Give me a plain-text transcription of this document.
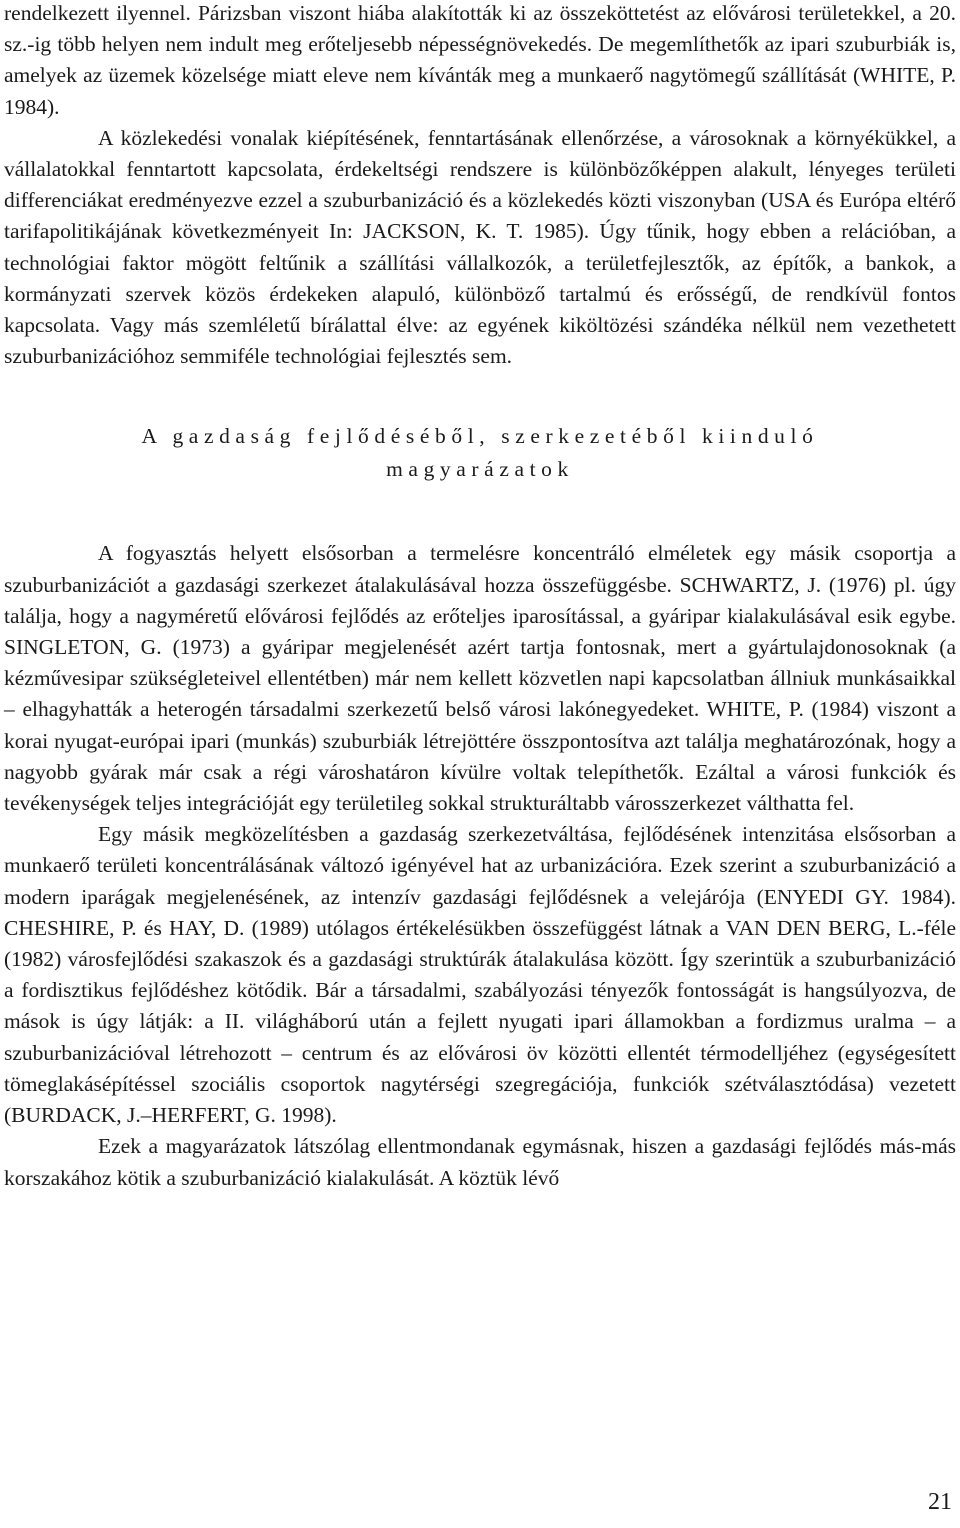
rendelkezett ilyennel. Párizsban viszont hiába alakították ki az összeköttetést az elővárosi területekkel, a 20. sz.-ig több helyen nem indult meg erőteljesebb népességnövekedés. De megemlíthetők az ipari szuburbiák is, amelyek az üzemek közelsége miatt eleve nem kívánták meg a munkaerő nagytömegű szállítását (WHITE, P. 1984).

A közlekedési vonalak kiépítésének, fenntartásának ellenőrzése, a városoknak a környékükkel, a vállalatokkal fenntartott kapcsolata, érdekeltségi rendszere is különbözőképpen alakult, lényeges területi differenciákat eredményezve ezzel a szuburbanizáció és a közlekedés közti viszonyban (USA és Európa eltérő tarifapolitikájának következményeit In: JACKSON, K. T. 1985). Úgy tűnik, hogy ebben a relációban, a technológiai faktor mögött feltűnik a szállítási vállalkozók, a területfejlesztők, az építők, a bankok, a kormányzati szervek közös érdekeken alapuló, különböző tartalmú és erősségű, de rendkívül fontos kapcsolata. Vagy más szemléletű bírálattal élve: az egyének kiköltözési szándéka nélkül nem vezethetett szuburbanizációhoz semmiféle technológiai fejlesztés sem.

A gazdaság fejlődéséből, szerkezetéből kiinduló
magyarázatok

A fogyasztás helyett elsősorban a termelésre koncentráló elméletek egy másik csoportja a szuburbanizációt a gazdasági szerkezet átalakulásával hozza összefüggésbe. SCHWARTZ, J. (1976) pl. úgy találja, hogy a nagyméretű elővárosi fejlődés az erőteljes iparosítással, a gyáripar kialakulásával esik egybe. SINGLETON, G. (1973) a gyáripar megjelenését azért tartja fontosnak, mert a gyártulajdonosoknak (a kézművesipar szükségleteivel ellentétben) már nem kellett közvetlen napi kapcsolatban állniuk munkásaikkal – elhagyhatták a heterogén társadalmi szerkezetű belső városi lakónegyedeket. WHITE, P. (1984) viszont a korai nyugat-európai ipari (munkás) szuburbiák létrejöttére összpontosítva azt találja meghatározónak, hogy a nagyobb gyárak már csak a régi városhatáron kívülre voltak telepíthetők. Ezáltal a városi funkciók és tevékenységek teljes integrációját egy területileg sokkal strukturáltabb városszerkezet válthatta fel.

Egy másik megközelítésben a gazdaság szerkezetváltása, fejlődésének intenzitása elsősorban a munkaerő területi koncentrálásának változó igényével hat az urbanizációra. Ezek szerint a szuburbanizáció a modern iparágak megjelenésének, az intenzív gazdasági fejlődésnek a velejárója (ENYEDI GY. 1984). CHESHIRE, P. és HAY, D. (1989) utólagos értékelésükben összefüggést látnak a VAN DEN BERG, L.-féle (1982) városfejlődési szakaszok és a gazdasági struktúrák átalakulása között. Így szerintük a szuburbanizáció a fordisztikus fejlődéshez kötődik. Bár a társadalmi, szabályozási tényezők fontosságát is hangsúlyozva, de mások is úgy látják: a II. világháború után a fejlett nyugati ipari államokban a fordizmus uralma – a szuburbanizációval létrehozott – centrum és az elővárosi öv közötti ellentét térmodelljéhez (egységesített tömeglakásépítéssel szociális csoportok nagytérségi szegregációja, funkciók szétválasztódása) vezetett (BURDACK, J.–HERFERT, G. 1998).

Ezek a magyarázatok látszólag ellentmondanak egymásnak, hiszen a gazdasági fejlődés más-más korszakához kötik a szuburbanizáció kialakulását. A köztük lévő

21
